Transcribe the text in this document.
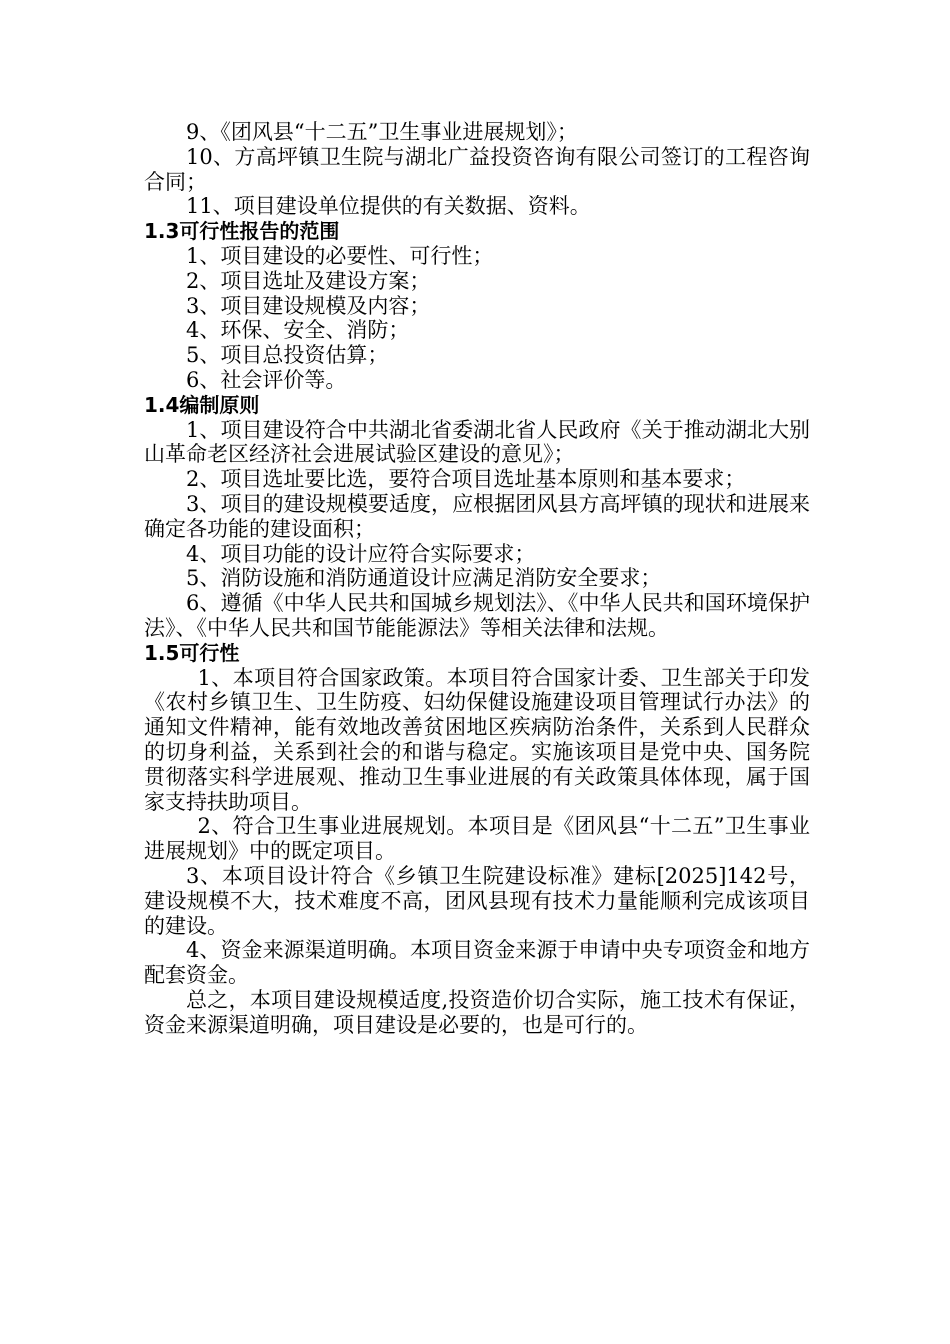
9、《团风县“十二五”卫生事业进展规划》；

10、方高坪镇卫生院与湖北广益投资咨询有限公司签订的工程咨询合同；

11、项目建设单位提供的有关数据、资料。

1.3可行性报告的范围

1、项目建设的必要性、可行性；

2、项目选址及建设方案；

3、项目建设规模及内容；

4、环保、安全、消防；

5、项目总投资估算；

6、社会评价等。

1.4编制原则

1、项目建设符合中共湖北省委湖北省人民政府《关于推动湖北大别山革命老区经济社会进展试验区建设的意见》；

2、项目选址要比选，要符合项目选址基本原则和基本要求；

3、项目的建设规模要适度，应根据团风县方高坪镇的现状和进展来确定各功能的建设面积；

4、项目功能的设计应符合实际要求；

5、消防设施和消防通道设计应满足消防安全要求；

6、遵循《中华人民共和国城乡规划法》、《中华人民共和国环境保护法》、《中华人民共和国节能能源法》等相关法律和法规。

1.5可行性

1、本项目符合国家政策。本项目符合国家计委、卫生部关于印发《农村乡镇卫生、卫生防疫、妇幼保健设施建设项目管理试行办法》的通知文件精神，能有效地改善贫困地区疾病防治条件，关系到人民群众的切身利益，关系到社会的和谐与稳定。实施该项目是党中央、国务院贯彻落实科学进展观、推动卫生事业进展的有关政策具体体现，属于国家支持扶助项目。

2、符合卫生事业进展规划。本项目是《团风县“十二五”卫生事业进展规划》中的既定项目。

3、本项目设计符合《乡镇卫生院建设标准》建标[2025]142号，建设规模不大，技术难度不高，团风县现有技术力量能顺利完成该项目的建设。

4、资金来源渠道明确。本项目资金来源于申请中央专项资金和地方配套资金。

总之，本项目建设规模适度,投资造价切合实际，施工技术有保证，资金来源渠道明确，项目建设是必要的，也是可行的。
